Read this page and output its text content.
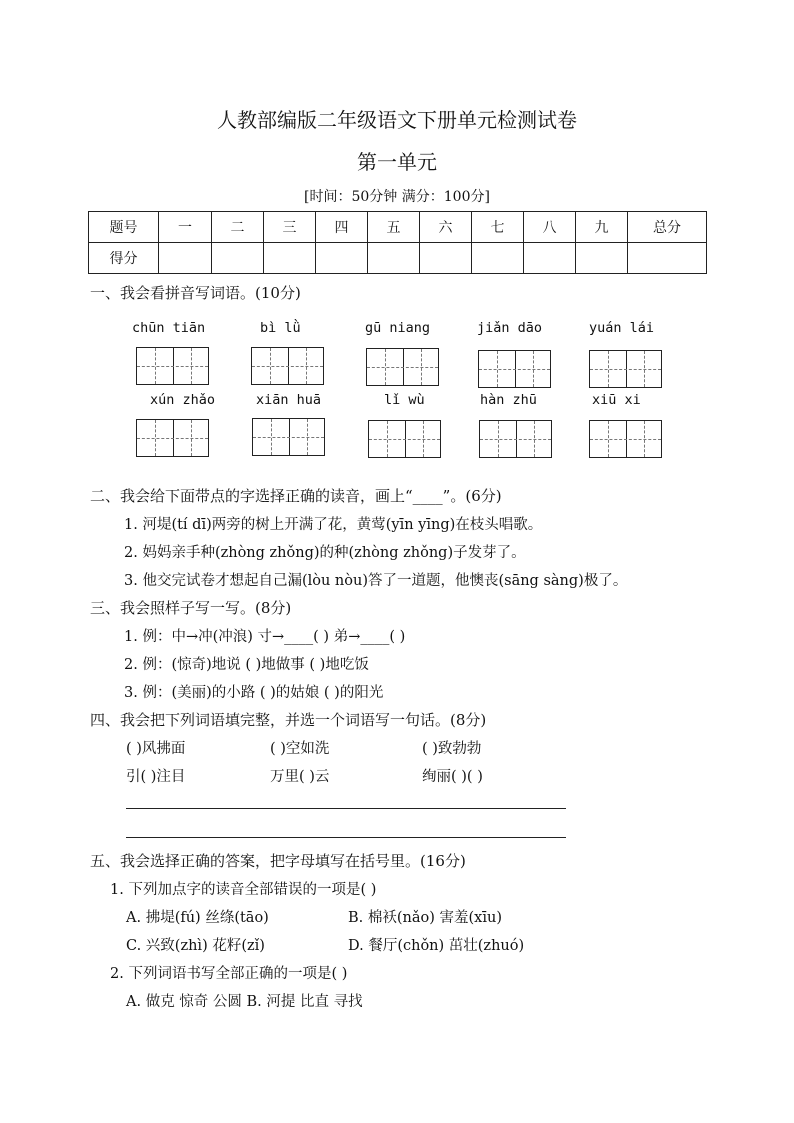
人教部编版二年级语文下册单元检测试卷
第一单元
[时间：50分钟 满分：100分]
题号	一	二	三	四	五	六	七	八	九	总分
得分										
一、我会看拼音写词语。(10分)
chūn tiān	bì lǜ	gū niang	jiǎn dāo	yuán lái
xún zhǎo	xiān huā	lǐ wù	hàn zhū	xiū xi
二、我会给下面带点的字选择正确的读音，画上“____”。(6分)
1. 河堤(tí dī)两旁的树上开满了花，黄莺(yīn yīng)在枝头唱歌。
2. 妈妈亲手种(zhòng zhǒng)的种(zhòng zhǒng)子发芽了。
3. 他交完试卷才想起自己漏(lòu nòu)答了一道题，他懊丧(sāng sàng)极了。
三、我会照样子写一写。(8分)
1. 例：中→冲(冲浪) 寸→____( ) 弟→____( )
2. 例：(惊奇)地说 ( )地做事 ( )地吃饭
3. 例：(美丽)的小路 ( )的姑娘 ( )的阳光
四、我会把下列词语填完整，并选一个词语写一句话。(8分)
( )风拂面	( )空如洗	( )致勃勃
引( )注目	万里( )云	绚丽( )( )
五、我会选择正确的答案，把字母填写在括号里。(16分)
1. 下列加点字的读音全部错误的一项是( )
A. 拂堤(fú) 丝绦(tāo)	B. 棉袄(nǎo) 害羞(xīu)
C. 兴致(zhì) 花籽(zǐ)	D. 餐厅(chǒn) 茁壮(zhuó)
2. 下列词语书写全部正确的一项是( )
A. 做克 惊奇 公圆 B. 河提 比直 寻找
